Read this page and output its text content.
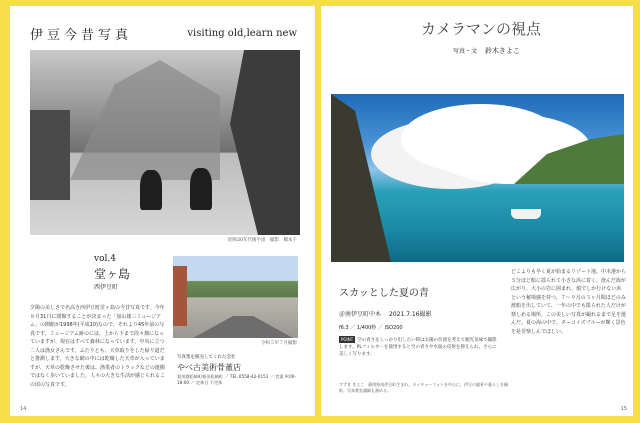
伊豆今昔写真	visiting old,learn new
昭和20年代後半頃　撮影：橋本千
vol.4
堂ヶ島
西伊豆町
夕陽の美しさで名高き西伊豆町堂ヶ島の今昔写真です。今年８月31日に閉館することが決まった「加山雄三ミュージアム」の開館が1998年(平成10)なので、それより45年前の写真です。ミュージアム跡のには、上から下まで段々畑になっていますが、現在はすべて森林になっています。中央に立つ二人は漁女さんです。ふたりとも、天草取りをした帰り道だと推測します。大きな網の中には乾燥した天草が入っていますが、天草の乾燥させた後は、漁業者のトラックなどの運搬ではなく歩いていました。人々の大きな生活が感じられるこの頃の写真です。
令和５年７月撮影
写真集を販売してくれた会社
やべ古美術骨董店
賀茂郡松崎町桜田松崎町 ／ TEL 0558-42-0151 ／ 営業 9:00-18:00 ／ 定休日 不定休
14
カメラマンの視点
写真・文 鈴木きよこ
スカッとした夏の青
＠南伊豆町中木 2021.7.16撮影
f6.3 ／ 1/400秒 ／ ISO200
POINT 空の青さをしっかり出したい時は太陽の位置を考えて順光気味で撮影します。PLフィルターを使用すると空の青さや水面の反射を抑えられ、さらに美しく写ります。
すずき きよこ　静岡県南伊豆町生まれ。ネイチャーフォトを中心に、伊豆の風景や暮らしを撮影。写真教室講師も務める。
どこよりも早く夏が始まるリゾート地、中木港から５分ほど船に揺られて小さな浜に着く。澄んだ海が広がり、大小の岩に囲まれ、船でしか行けない浜という秘境感を持つ。７〜９月の３ヶ月間ほどのみ渡船を出していて、一年の中でも限られた人だけが楽しめる場所。この美しい写真が撮れるまで足を運んだ。夏の海の中で、ターコイズブルーが輝く景色を是非楽しんでほしい。
15
